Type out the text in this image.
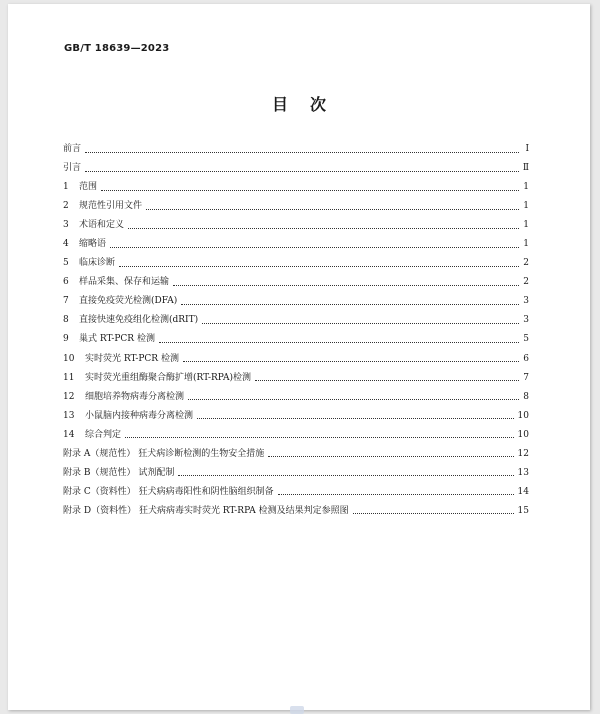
GB/T 18639—2023
目次
前言	Ⅰ
引言	Ⅱ
1	范围	1
2	规范性引用文件	1
3	术语和定义	1
4	缩略语	1
5	临床诊断	2
6	样品采集、保存和运输	2
7	直接免疫荧光检测(DFA)	3
8	直接快速免疫组化检测(dRIT)	3
9	巢式 RT-PCR 检测	5
10	实时荧光 RT-PCR 检测	6
11	实时荧光重组酶聚合酶扩增(RT-RPA)检测	7
12	细胞培养物病毒分离检测	8
13	小鼠脑内接种病毒分离检测	10
14	综合判定	10
附录 A（规范性） 狂犬病诊断检测的生物安全措施	12
附录 B（规范性） 试剂配制	13
附录 C（资料性） 狂犬病病毒阳性和阴性脑组织制备	14
附录 D（资料性） 狂犬病病毒实时荧光 RT-RPA 检测及结果判定参照图	15
